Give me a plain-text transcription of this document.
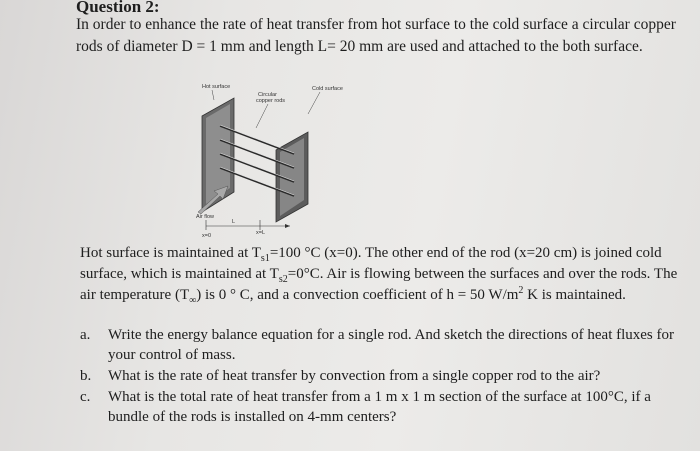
Question 2:
In order to enhance the rate of heat transfer from hot surface to the cold surface a circular copper rods of diameter D = 1 mm and length L= 20 mm are used and attached to the both surface.
Hot surface
Circular
copper rods
Cold surface
Air flow
L
x=0	x=L

Hot surface is maintained at $T_{s1}=100$ °C (x=0). The other end of the rod (x=20 cm) is joined cold surface, which is maintained at $T_{s2}=0^\circ C$. Air is flowing between the surfaces and over the rods. The air temperature $(T_\infty)$ is 0 ° C, and a convection coefficient of h = 50 $W/m^2$ K is maintained.

a. Write the energy balance equation for a single rod. And sketch the directions of heat fluxes for your control of mass.
b. What is the rate of heat transfer by convection from a single copper rod to the air?
c. What is the total rate of heat transfer from a 1 m x 1 m section of the surface at 100°C, if a bundle of the rods is installed on 4-mm centers?
